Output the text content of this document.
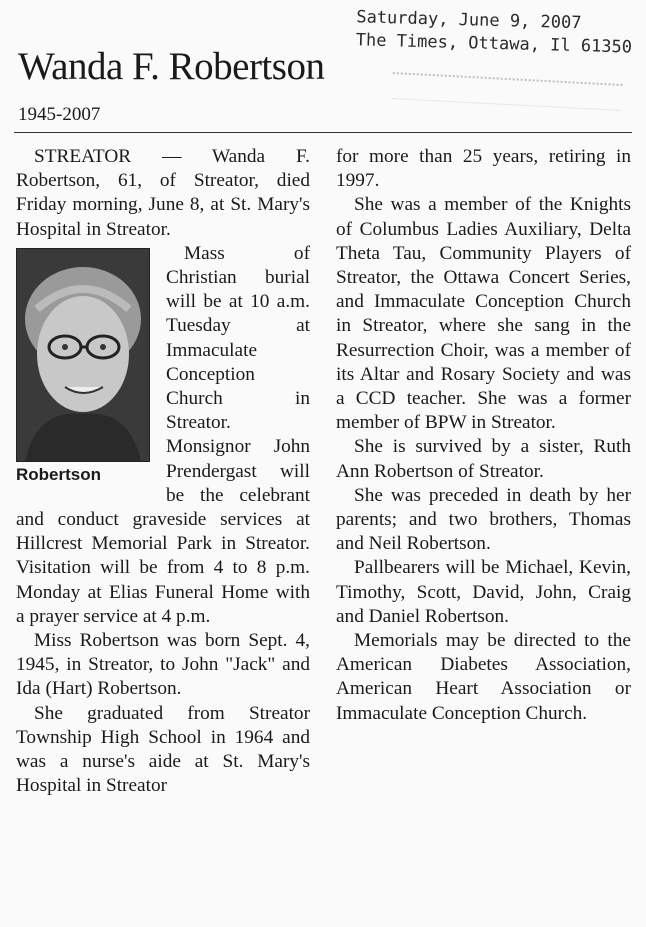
Saturday, June 9, 2007
The Times, Ottawa, Il 61350
Wanda F. Robertson
1945-2007

STREATOR — Wanda F. Robertson, 61, of Streator, died Friday morning, June 8, at St. Mary's Hospital in Streator.

Robertson

Mass of Christian burial will be at 10 a.m. Tuesday at Immaculate Conception Church in Streator. Monsignor John Prendergast will be the celebrant and conduct graveside services at Hillcrest Memorial Park in Streator. Visitation will be from 4 to 8 p.m. Monday at Elias Funeral Home with a prayer service at 4 p.m.

Miss Robertson was born Sept. 4, 1945, in Streator, to John "Jack" and Ida (Hart) Robertson.

She graduated from Streator Township High School in 1964 and was a nurse's aide at St. Mary's Hospital in Streator

for more than 25 years, retiring in 1997.

She was a member of the Knights of Columbus Ladies Auxiliary, Delta Theta Tau, Community Players of Streator, the Ottawa Concert Series, and Immaculate Conception Church in Streator, where she sang in the Resurrection Choir, was a member of its Altar and Rosary Society and was a CCD teacher. She was a former member of BPW in Streator.

She is survived by a sister, Ruth Ann Robertson of Streator.

She was preceded in death by her parents; and two brothers, Thomas and Neil Robertson.

Pallbearers will be Michael, Kevin, Timothy, Scott, David, John, Craig and Daniel Robertson.

Memorials may be directed to the American Diabetes Association, American Heart Association or Immaculate Conception Church.
